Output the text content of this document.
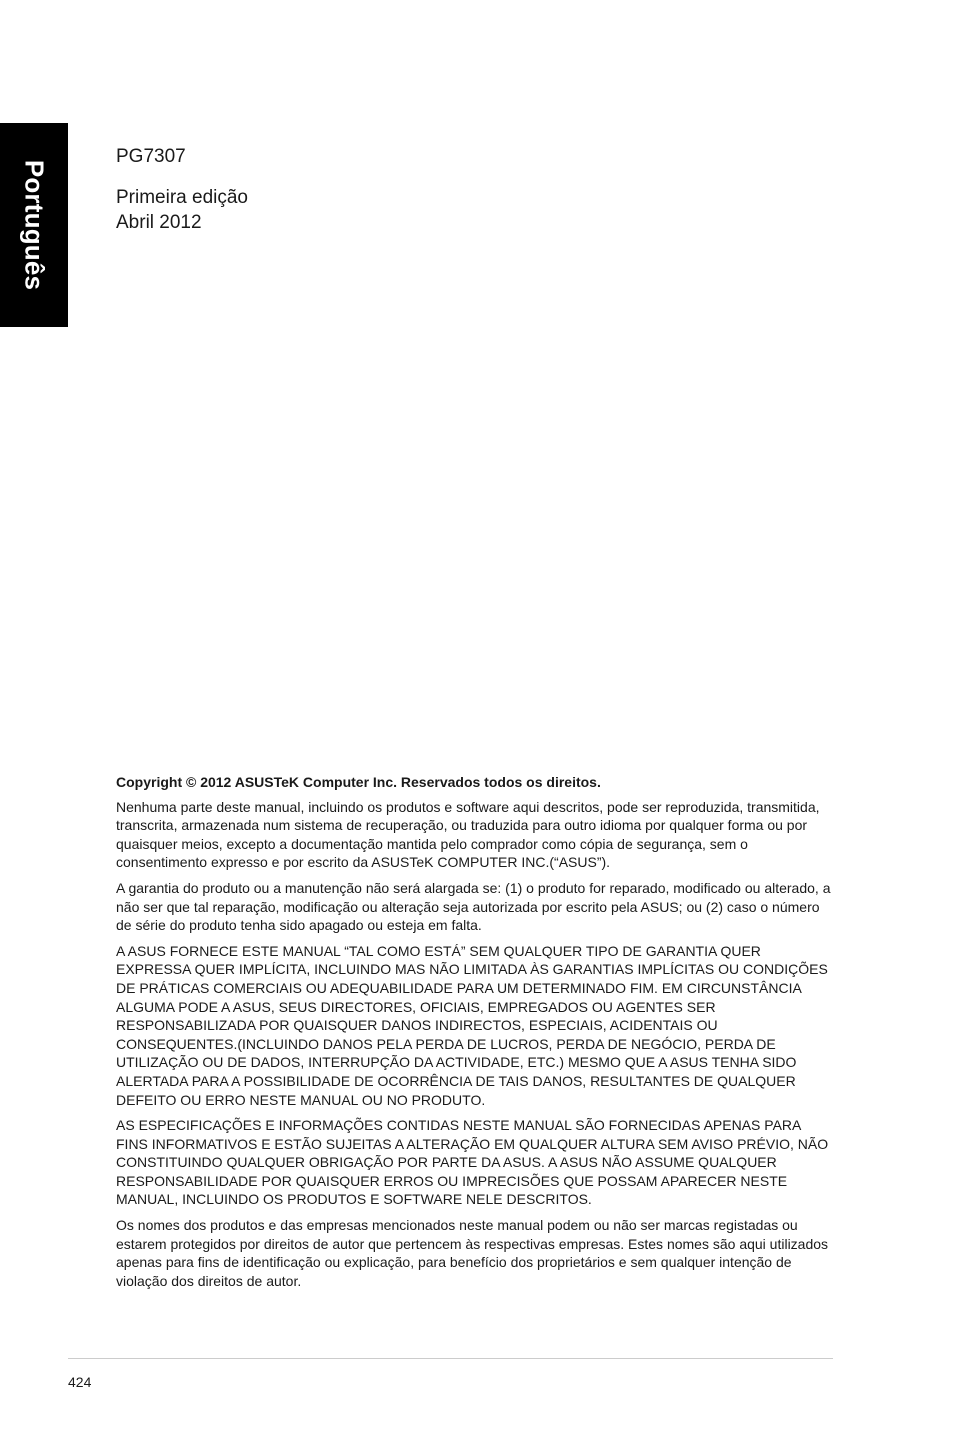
Português
PG7307
Primeira edição
Abril 2012

Copyright © 2012 ASUSTeK Computer Inc. Reservados todos os direitos.

Nenhuma parte deste manual, incluindo os produtos e software aqui descritos, pode ser reproduzida, transmitida, transcrita, armazenada num sistema de recuperação, ou traduzida para outro idioma por qualquer forma ou por quaisquer meios, excepto a documentação mantida pelo comprador como cópia de segurança, sem o consentimento expresso e por escrito da ASUSTeK COMPUTER INC.(“ASUS”).

A garantia do produto ou a manutenção não será alargada se: (1) o produto for reparado, modificado ou alterado, a não ser que tal reparação, modificação ou alteração seja autorizada por escrito pela ASUS; ou (2) caso o número de série do produto tenha sido apagado ou esteja em falta.

A ASUS FORNECE ESTE MANUAL “TAL COMO ESTÁ” SEM QUALQUER TIPO DE GARANTIA QUER EXPRESSA QUER IMPLÍCITA, INCLUINDO MAS NÃO LIMITADA ÀS GARANTIAS IMPLÍCITAS OU CONDIÇÕES DE PRÁTICAS COMERCIAIS OU ADEQUABILIDADE PARA UM DETERMINADO FIM. EM CIRCUNSTÂNCIA ALGUMA PODE A ASUS, SEUS DIRECTORES, OFICIAIS, EMPREGADOS OU AGENTES SER RESPONSABILIZADA POR QUAISQUER DANOS INDIRECTOS, ESPECIAIS, ACIDENTAIS OU CONSEQUENTES.(INCLUINDO DANOS PELA PERDA DE LUCROS, PERDA DE NEGÓCIO, PERDA DE UTILIZAÇÃO OU DE DADOS, INTERRUPÇÃO DA ACTIVIDADE, ETC.) MESMO QUE A ASUS TENHA SIDO ALERTADA PARA A POSSIBILIDADE DE OCORRÊNCIA DE TAIS DANOS, RESULTANTES DE QUALQUER DEFEITO OU ERRO NESTE MANUAL OU NO PRODUTO.

AS ESPECIFICAÇÕES E INFORMAÇÕES CONTIDAS NESTE MANUAL SÃO FORNECIDAS APENAS PARA FINS INFORMATIVOS E ESTÃO SUJEITAS A ALTERAÇÃO EM QUALQUER ALTURA SEM AVISO PRÉVIO, NÃO CONSTITUINDO QUALQUER OBRIGAÇÃO POR PARTE DA ASUS. A ASUS NÃO ASSUME QUALQUER RESPONSABILIDADE POR QUAISQUER ERROS OU IMPRECISÕES QUE POSSAM APARECER NESTE MANUAL, INCLUINDO OS PRODUTOS E SOFTWARE NELE DESCRITOS.

Os nomes dos produtos e das empresas mencionados neste manual podem ou não ser marcas registadas ou estarem protegidos por direitos de autor que pertencem às respectivas empresas. Estes nomes são aqui utilizados apenas para fins de identificação ou explicação, para benefício dos proprietários e sem qualquer intenção de violação dos direitos de autor.

424
